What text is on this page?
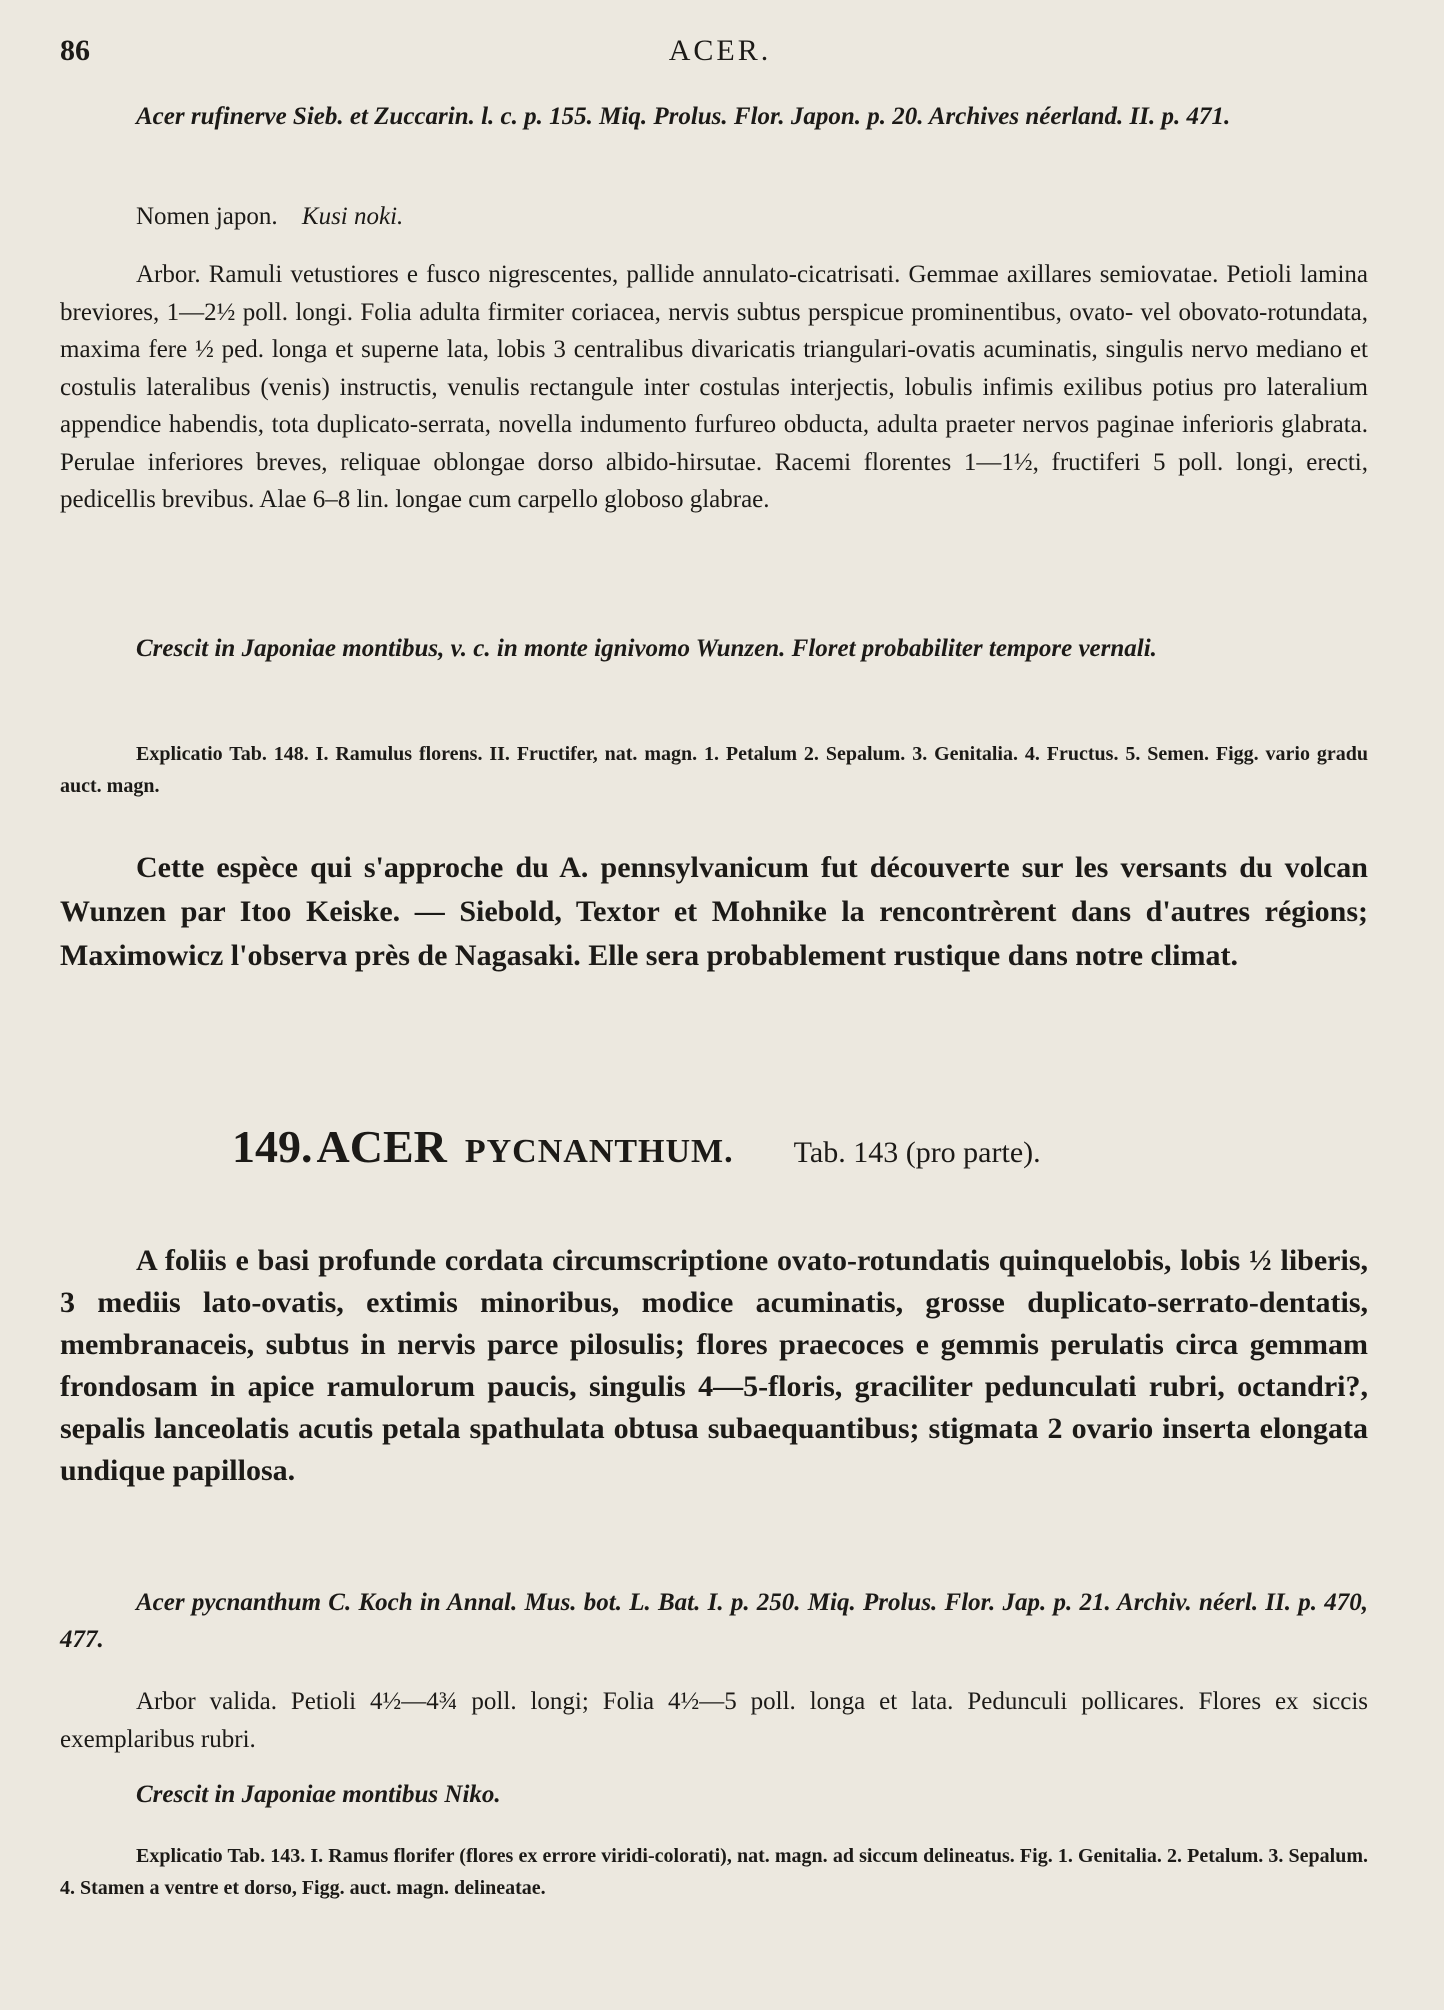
86	ACER.
Acer rufinerve Sieb. et Zuccarin. l. c. p. 155. Miq. Prolus. Flor. Japon. p. 20. Archives néerland. II. p. 471.
Nomen japon. Kusi noki.
Arbor. Ramuli vetustiores e fusco nigrescentes, pallide annulato-cicatrisati. Gemmae axillares semiovatae. Petioli lamina breviores, 1—2½ poll. longi. Folia adulta firmiter coriacea, nervis subtus perspicue prominentibus, ovato- vel obovato-rotundata, maxima fere ½ ped. longa et superne lata, lobis 3 centralibus divaricatis triangulari-ovatis acuminatis, singulis nervo mediano et costulis lateralibus (venis) instructis, venulis rectangule inter costulas interjectis, lobulis infimis exilibus potius pro lateralium appendice habendis, tota duplicato-serrata, novella indumento furfureo obducta, adulta praeter nervos paginae inferioris glabrata. Perulae inferiores breves, reliquae oblongae dorso albido-hirsutae. Racemi florentes 1—1½, fructiferi 5 poll. longi, erecti, pedicellis brevibus. Alae 6–8 lin. longae cum carpello globoso glabrae.
Crescit in Japoniae montibus, v. c. in monte ignivomo Wunzen. Floret probabiliter tempore vernali.
Explicatio Tab. 148. I. Ramulus florens. II. Fructifer, nat. magn. 1. Petalum 2. Sepalum. 3. Genitalia. 4. Fructus. 5. Semen. Figg. vario gradu auct. magn.
Cette espèce qui s'approche du A. pennsylvanicum fut découverte sur les versants du volcan Wunzen par Itoo Keiske. — Siebold, Textor et Mohnike la rencontrèrent dans d'autres régions; Maximowicz l'observa près de Nagasaki. Elle sera probablement rustique dans notre climat.
149. ACER PYCNANTHUM. Tab. 143 (pro parte).
A foliis e basi profunde cordata circumscriptione ovato-rotundatis quinquelobis, lobis ½ liberis, 3 mediis lato-ovatis, extimis minoribus, modice acuminatis, grosse duplicato-serrato-dentatis, membranaceis, subtus in nervis parce pilosulis; flores praecoces e gemmis perulatis circa gemmam frondosam in apice ramulorum paucis, singulis 4—5-floris, graciliter pedunculati rubri, octandri?, sepalis lanceolatis acutis petala spathulata obtusa subaequantibus; stigmata 2 ovario inserta elongata undique papillosa.
Acer pycnanthum C. Koch in Annal. Mus. bot. L. Bat. I. p. 250. Miq. Prolus. Flor. Jap. p. 21. Archiv. néerl. II. p. 470, 477.
Arbor valida. Petioli 4½—4¾ poll. longi; Folia 4½—5 poll. longa et lata. Pedunculi pollicares. Flores ex siccis exemplaribus rubri.
Crescit in Japoniae montibus Niko.
Explicatio Tab. 143. I. Ramus florifer (flores ex errore viridi-colorati), nat. magn. ad siccum delineatus. Fig. 1. Genitalia. 2. Petalum. 3. Sepalum. 4. Stamen a ventre et dorso, Figg. auct. magn. delineatae.
